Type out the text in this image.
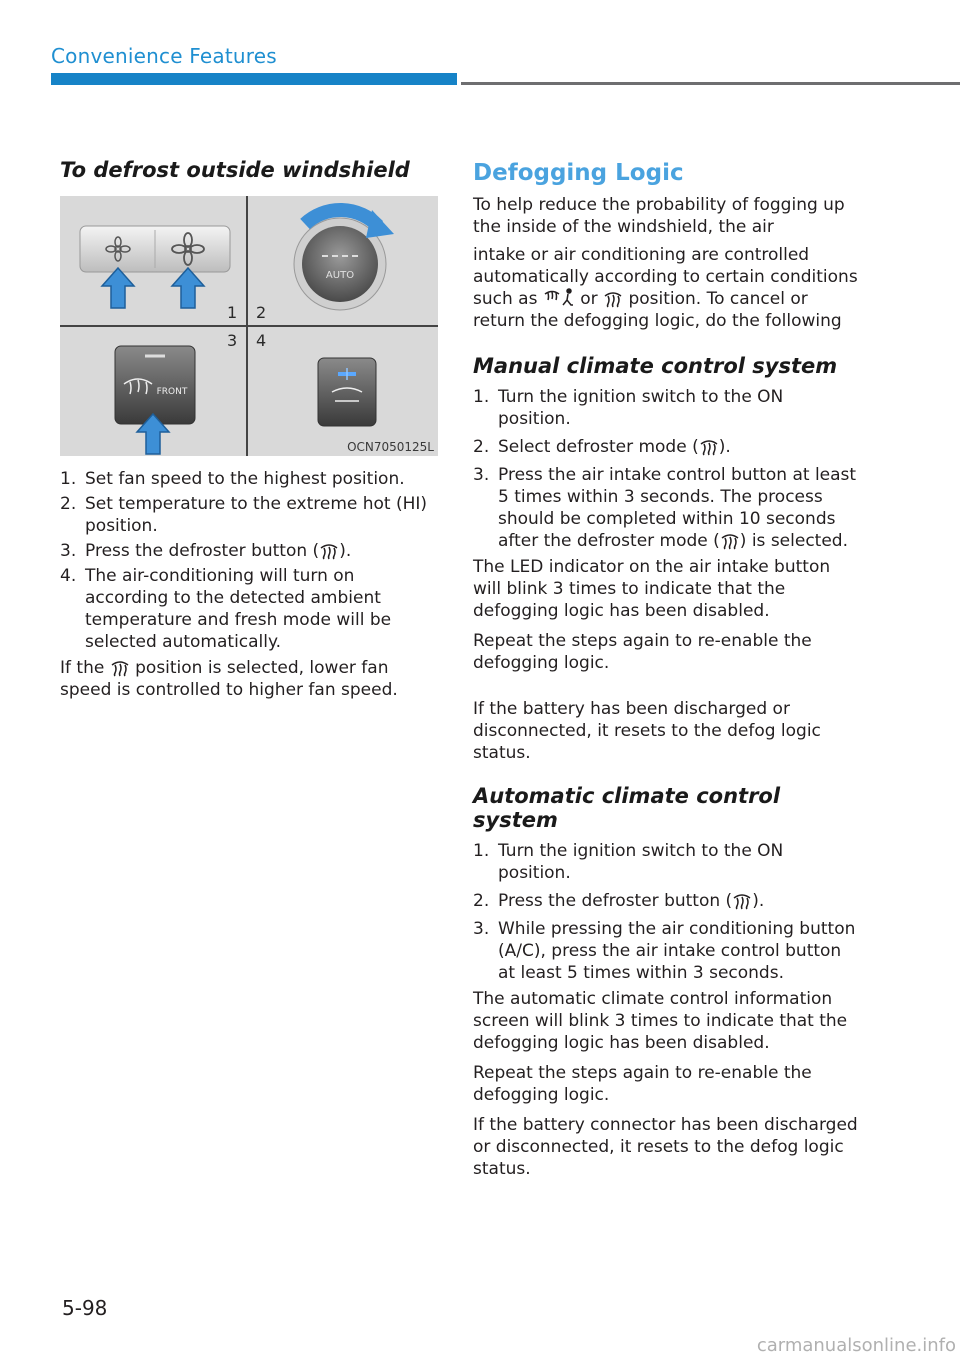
Convenience Features
To defrost outside windshield
AUTO
FRONT
1 2
3 4
OCN7050125L
1. Set fan speed to the highest position.
2. Set temperature to the extreme hot (HI) position.
3. Press the defroster button ( ).
4. The air-conditioning will turn on according to the detected ambient temperature and fresh mode will be selected automatically.

If the  position is selected, lower fan speed is controlled to higher fan speed.

Defogging Logic

To help reduce the probability of fogging up the inside of the windshield, the air

intake or air conditioning are controlled automatically according to certain conditions such as  or  position. To cancel or return the defogging logic, do the following

Manual climate control system
1. Turn the ignition switch to the ON position.
2. Select defroster mode ( ).
3. Press the air intake control button at least 5 times within 3 seconds. The process should be completed within 10 seconds after the defroster mode ( ) is selected.

The LED indicator on the air intake button will blink 3 times to indicate that the defogging logic has been disabled.

Repeat the steps again to re-enable the defogging logic.

If the battery has been discharged or disconnected, it resets to the defog logic status.

Automatic climate control system
1. Turn the ignition switch to the ON position.
2. Press the defroster button ( ).
3. While pressing the air conditioning button (A/C), press the air intake control button at least 5 times within 3 seconds.

The automatic climate control information screen will blink 3 times to indicate that the defogging logic has been disabled.

Repeat the steps again to re-enable the defogging logic.

If the battery connector has been discharged or disconnected, it resets to the defog logic status.

5-98
carmanualsonline.info
